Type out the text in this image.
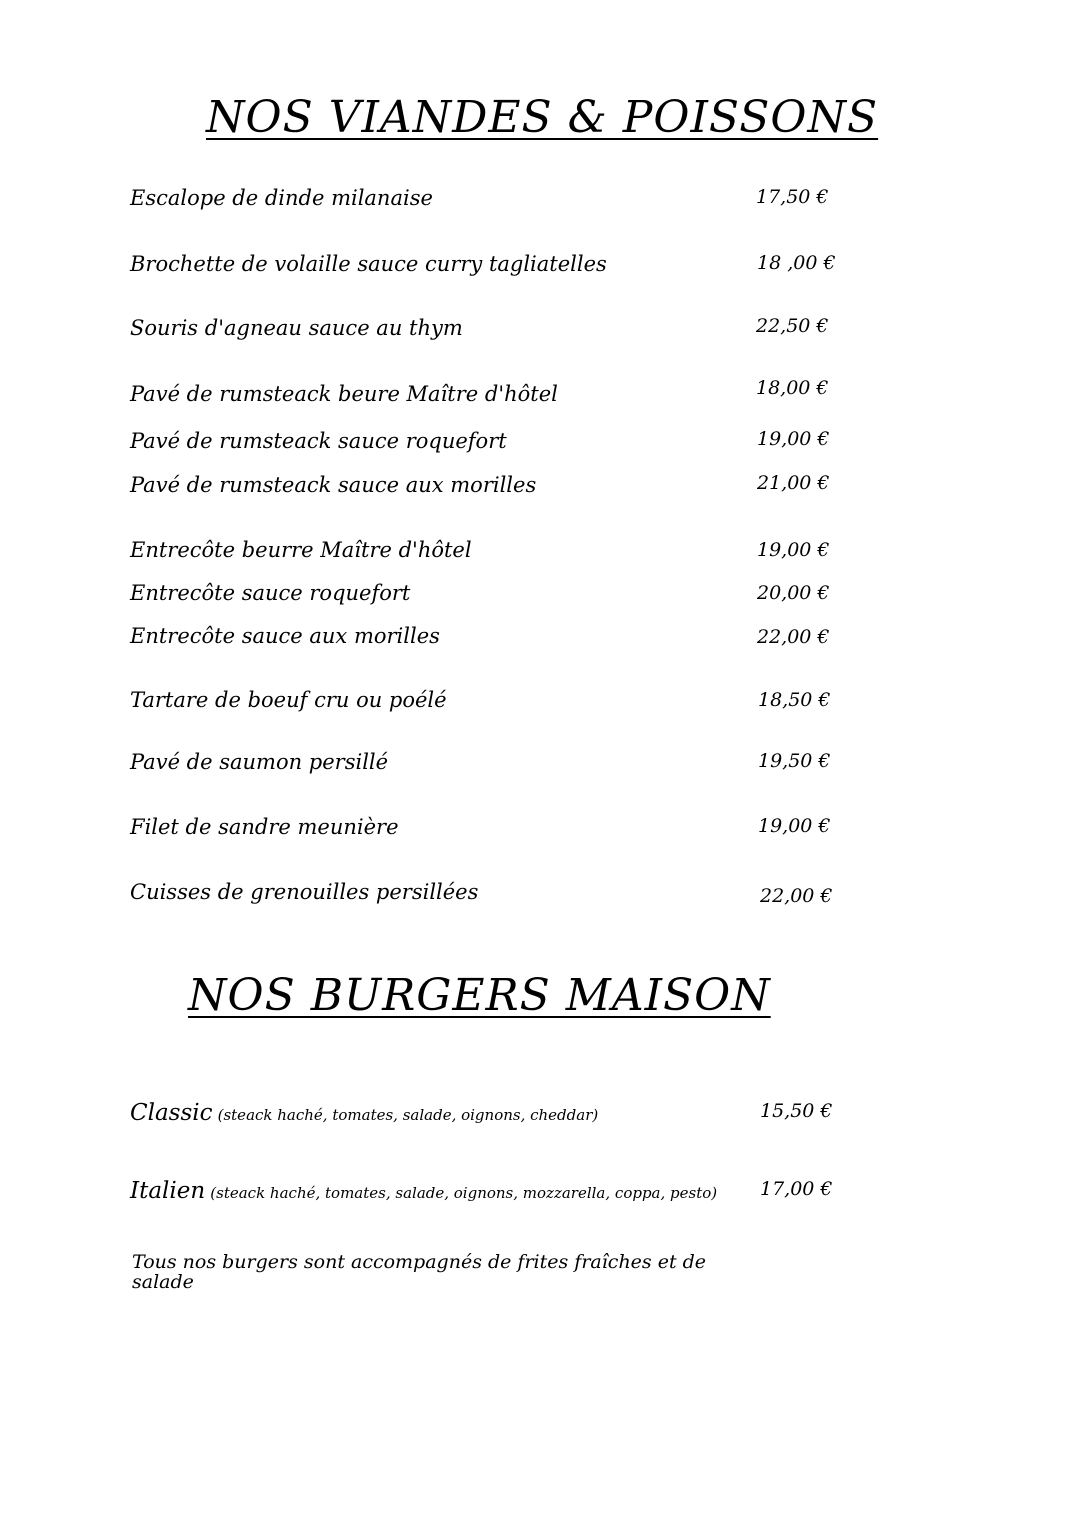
NOS VIANDES & POISSONS
Escalope de dinde milanaise	17,50 €
Brochette de volaille sauce curry tagliatelles	18 ,00 €
Souris d'agneau sauce au thym	22,50 €
Pavé de rumsteack beure Maître d'hôtel	18,00 €
Pavé de rumsteack sauce roquefort	19,00 €
Pavé de rumsteack sauce aux morilles	21,00 €
Entrecôte beurre Maître d'hôtel	19,00 €
Entrecôte sauce roquefort	20,00 €
Entrecôte sauce aux morilles	22,00 €
Tartare de boeuf cru ou poélé	18,50 €
Pavé de saumon persillé	19,50 €
Filet de sandre meunière	19,00 €
Cuisses de grenouilles persillées	22,00 €
NOS BURGERS MAISON
Classic (steack haché, tomates, salade, oignons, cheddar)	15,50 €
Italien (steack haché, tomates, salade, oignons, mozzarella, coppa, pesto)	17,00 €
Tous nos burgers sont accompagnés de frites fraîches et de salade
